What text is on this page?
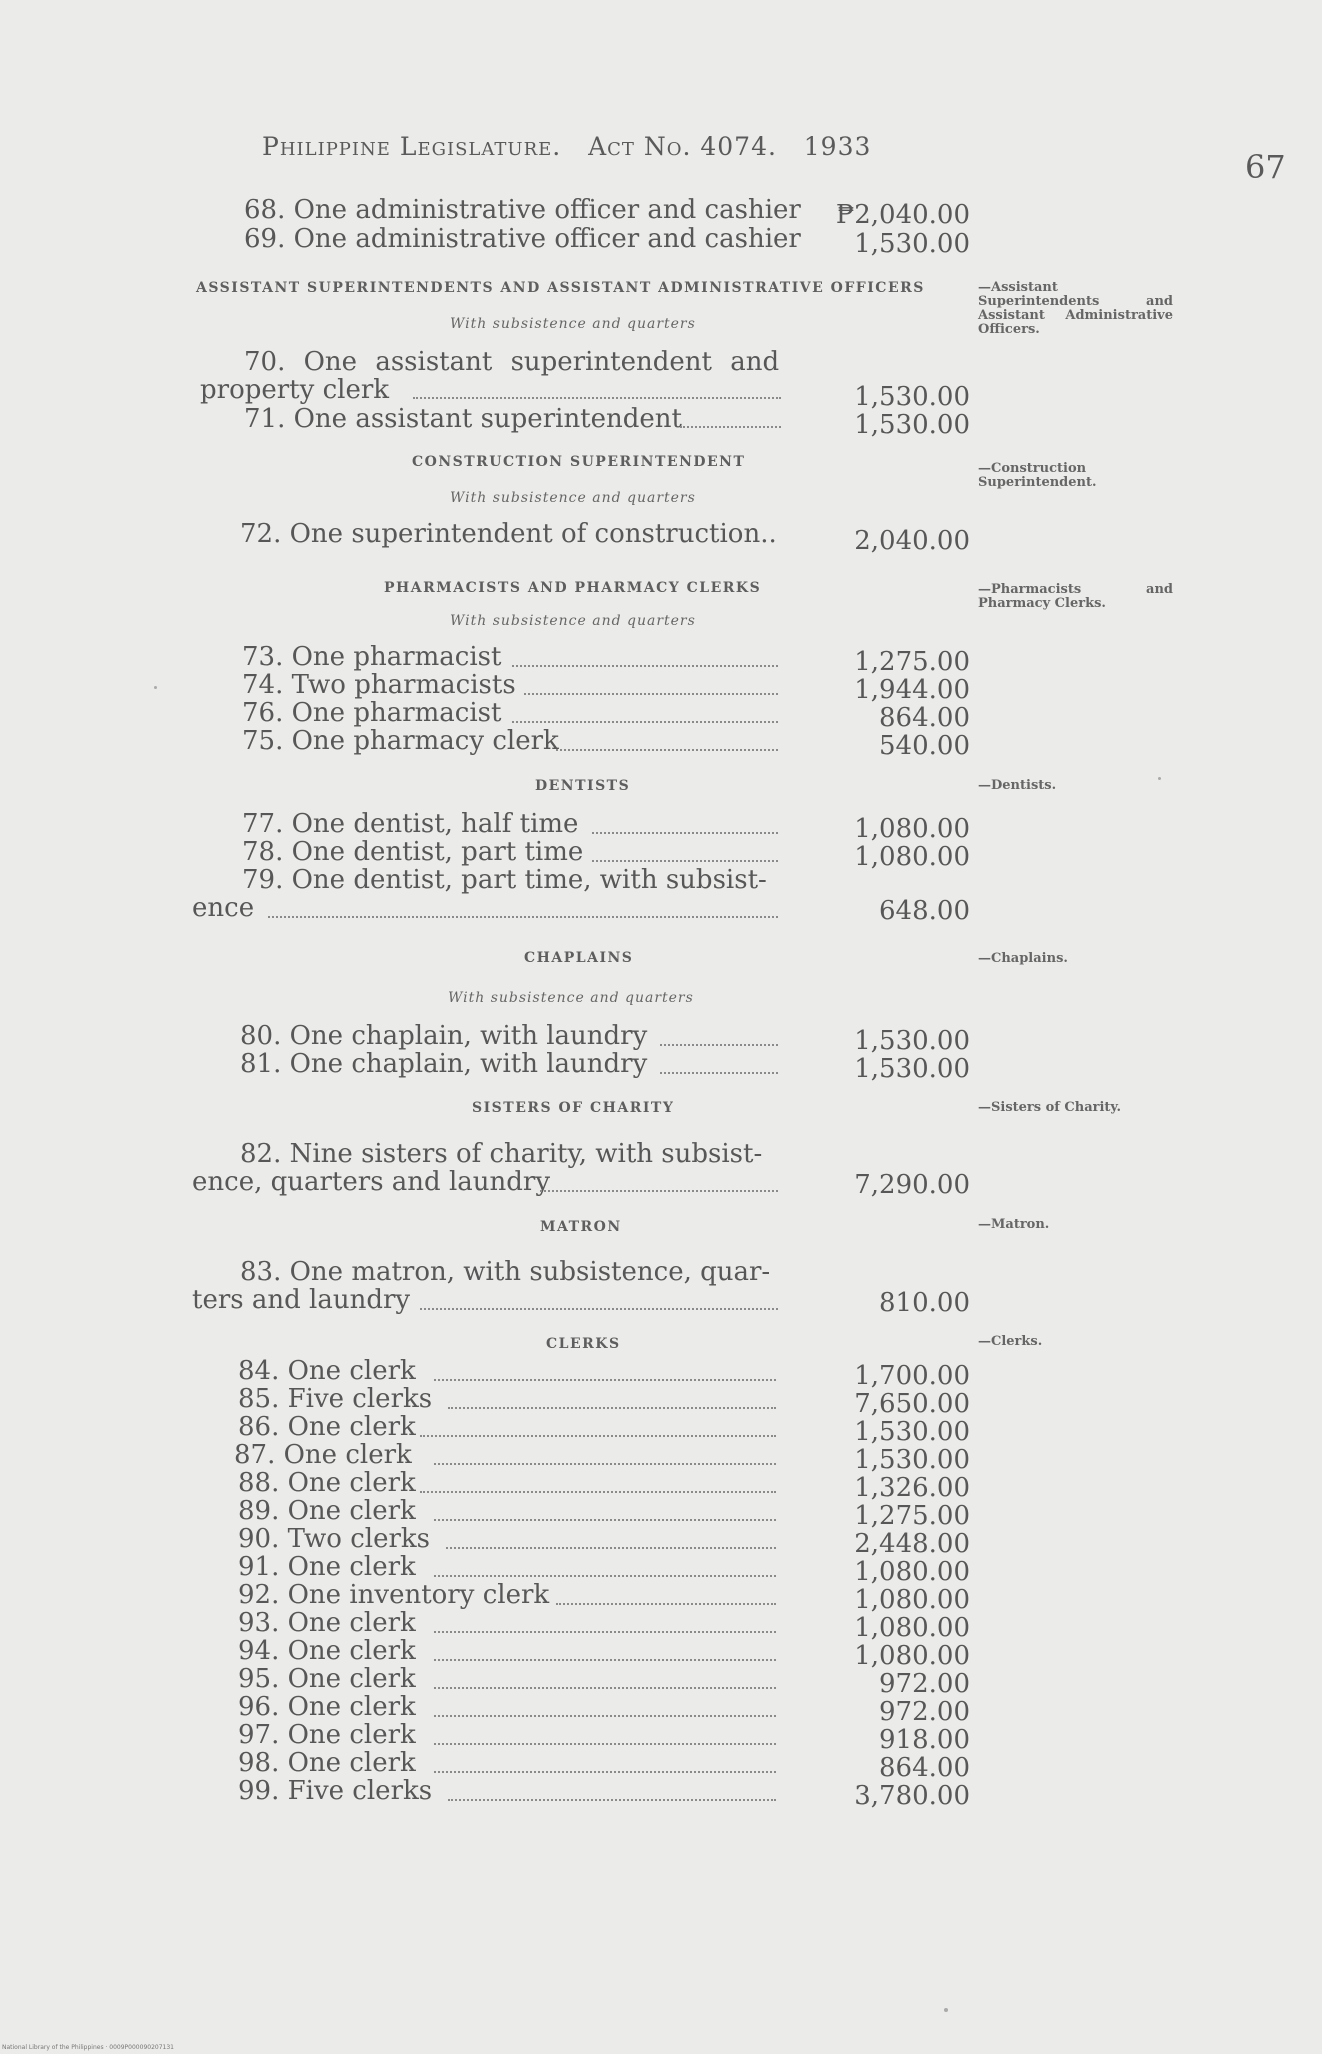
Philippine Legislature. Act No. 4074. 1933
67
68. One administrative officer and cashier	₱2,040.00
69. One administrative officer and cashier	1,530.00
ASSISTANT SUPERINTENDENTS AND ASSISTANT ADMINISTRATIVE OFFICERS
With subsistence and quarters
—Assistant Superintendents and Assistant Administrative Officers.
70. One assistant superintendent and
property clerk	1,530.00
71. One assistant superintendent	1,530.00
CONSTRUCTION SUPERINTENDENT
With subsistence and quarters
—Construction Superintendent.
72. One superintendent of construction..	2,040.00
PHARMACISTS AND PHARMACY CLERKS
With subsistence and quarters
—Pharmacists and Pharmacy Clerks.
73. One pharmacist	1,275.00
74. Two pharmacists	1,944.00
76. One pharmacist	864.00
75. One pharmacy clerk	540.00
DENTISTS	—Dentists.
77. One dentist, half time	1,080.00
78. One dentist, part time	1,080.00
79. One dentist, part time, with subsist-
ence	648.00
CHAPLAINS
With subsistence and quarters
—Chaplains.
80. One chaplain, with laundry	1,530.00
81. One chaplain, with laundry	1,530.00
SISTERS OF CHARITY	—Sisters of Charity.
82. Nine sisters of charity, with subsist-
ence, quarters and laundry	7,290.00
MATRON	—Matron.
83. One matron, with subsistence, quar-
ters and laundry	810.00
CLERKS	—Clerks.
84. One clerk	1,700.00
85. Five clerks	7,650.00
86. One clerk	1,530.00
87. One clerk	1,530.00
88. One clerk	1,326.00
89. One clerk	1,275.00
90. Two clerks	2,448.00
91. One clerk	1,080.00
92. One inventory clerk	1,080.00
93. One clerk	1,080.00
94. One clerk	1,080.00
95. One clerk	972.00
96. One clerk	972.00
97. One clerk	918.00
98. One clerk	864.00
99. Five clerks	3,780.00
National Library of the Philippines · 0009P000090207131
